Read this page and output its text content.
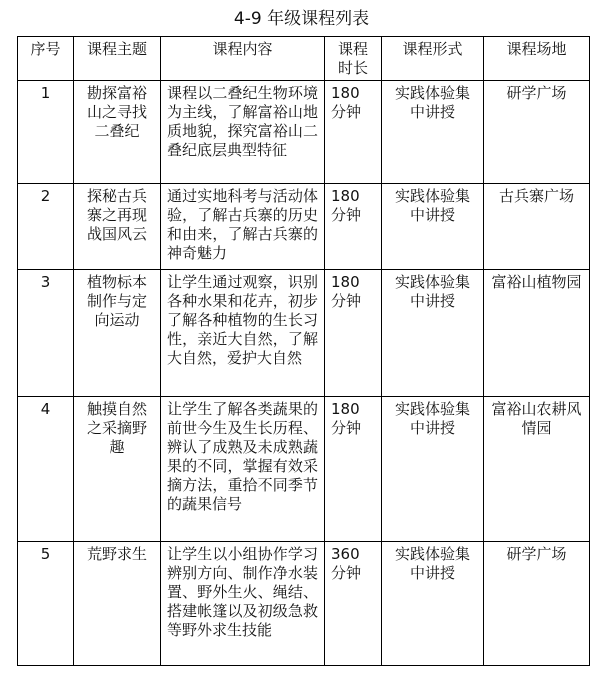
4-9 年级课程列表
序号	课程主题	课程内容	课程时长	课程形式	课程场地
1	勘探富裕山之寻找二叠纪	课程以二叠纪生物环境为主线，了解富裕山地质地貌，探究富裕山二叠纪底层典型特征	180 分钟	实践体验集中讲授	研学广场
2	探秘古兵寨之再现战国风云	通过实地科考与活动体验，了解古兵寨的历史和由来，了解古兵寨的神奇魅力	180 分钟	实践体验集中讲授	古兵寨广场
3	植物标本制作与定向运动	让学生通过观察，识别各种水果和花卉，初步了解各种植物的生长习性，亲近大自然，了解大自然，爱护大自然	180 分钟	实践体验集中讲授	富裕山植物园
4	触摸自然之采摘野趣	让学生了解各类蔬果的前世今生及生长历程、辨认了成熟及未成熟蔬果的不同，掌握有效采摘方法，重拾不同季节的蔬果信号	180 分钟	实践体验集中讲授	富裕山农耕风情园
5	荒野求生	让学生以小组协作学习辨别方向、制作净水装置、野外生火、绳结、搭建帐篷以及初级急救等野外求生技能	360 分钟	实践体验集中讲授	研学广场
